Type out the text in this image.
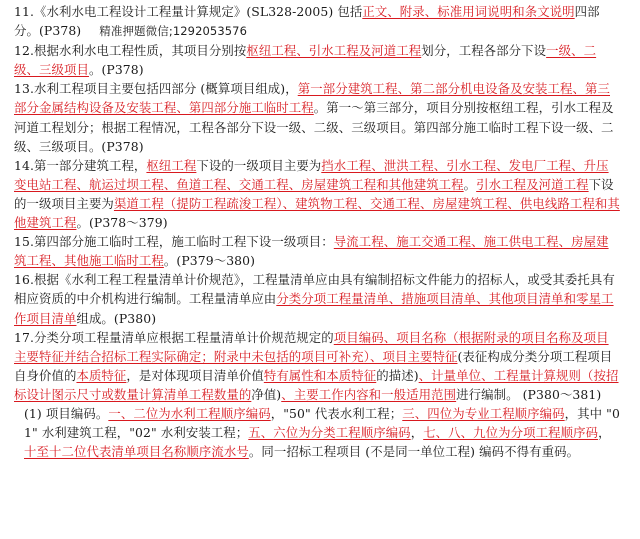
11.《水利水电工程设计工程量计算规定》(SL328-2005) 包括正文、附录、标准用词说明和条文说明四部分。(P378) 精准押题微信;1292053576

12.根据水利水电工程性质，其项目分别按枢纽工程、引水工程及河道工程划分，工程各部分下设一级、二级、三级项目。(P378)

13.水利工程项目主要包括四部分 (概算项目组成)，第一部分建筑工程、第二部分机电设备及安装工程、第三部分金属结构设备及安装工程、第四部分施工临时工程。第一～第三部分，项目分别按枢纽工程，引水工程及河道工程划分；根据工程情况，工程各部分下设一级、二级、三级项目。第四部分施工临时工程下设一级、二级、三级项目。(P378)

14.第一部分建筑工程，枢纽工程下设的一级项目主要为挡水工程、泄洪工程、引水工程、发电厂工程、升压变电站工程、航运过坝工程、鱼道工程、交通工程、房屋建筑工程和其他建筑工程。引水工程及河道工程下设的一级项目主要为渠道工程（提防工程疏浚工程）、建筑物工程、交通工程、房屋建筑工程、供电线路工程和其他建筑工程。(P378～379)

15.第四部分施工临时工程，施工临时工程下设一级项目：导流工程、施工交通工程、施工供电工程、房屋建筑工程、其他施工临时工程。(P379～380)

16.根据《水利工程工程量清单计价规范》，工程量清单应由具有编制招标文件能力的招标人，或受其委托具有相应资质的中介机构进行编制。工程量清单应由分类分项工程量清单、措施项目清单、其他项目清单和零星工作项目清单组成。(P380)

17.分类分项工程量清单应根据工程量清单计价规范规定的项目编码、项目名称（根据附录的项目名称及项目主要特征并结合招标工程实际确定；附录中未包括的项目可补充）、项目主要特征(表征构成分类分项工程项目自身价值的本质特征，是对体现项目清单价值特有属性和本质特征的描述)、计量单位、工程量计算规则（按招标设计图示尺寸或数量计算清单工程数量的净值)、主要工作内容和一般适用范围进行编制。 (P380～381)

(1) 项目编码。一、二位为水利工程顺序编码，"50" 代表水利工程；三、四位为专业工程顺序编码，其中 "01" 水利建筑工程，"02" 水利安装工程；五、六位为分类工程顺序编码，七、八、九位为分项工程顺序码，十至十二位代表清单项目名称顺序流水号。同一招标工程项目 (不是同一单位工程) 编码不得有重码。
